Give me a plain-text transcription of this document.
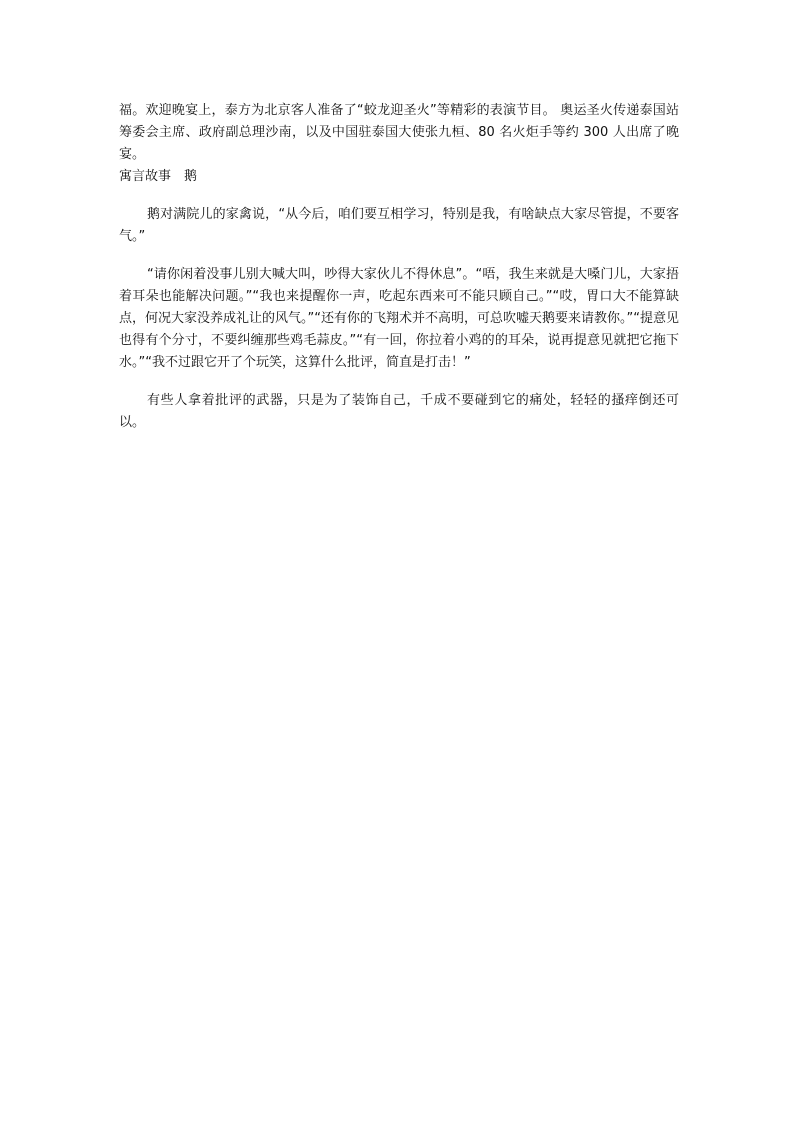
福。欢迎晚宴上，泰方为北京客人准备了“蛟龙迎圣火”等精彩的表演节目。 奥运圣火传递泰国站筹委会主席、政府副总理沙南，以及中国驻泰国大使张九桓、80 名火炬手等约 300 人出席了晚宴。

寓言故事　鹅

鹅对满院儿的家禽说，“从今后，咱们要互相学习，特别是我，有啥缺点大家尽管提，不要客气。”

“请你闲着没事儿别大喊大叫，吵得大家伙儿不得休息”。“唔，我生来就是大嗓门儿，大家捂着耳朵也能解决问题。”“我也来提醒你一声，吃起东西来可不能只顾自己。”“哎，胃口大不能算缺点，何况大家没养成礼让的风气。”“还有你的飞翔术并不高明，可总吹嘘天鹅要来请教你。”“提意见也得有个分寸，不要纠缠那些鸡毛蒜皮。”“有一回，你拉着小鸡的的耳朵，说再提意见就把它拖下水。”“我不过跟它开了个玩笑，这算什么批评，简直是打击！”

有些人拿着批评的武器，只是为了装饰自己，千成不要碰到它的痛处，轻轻的搔痒倒还可以。
